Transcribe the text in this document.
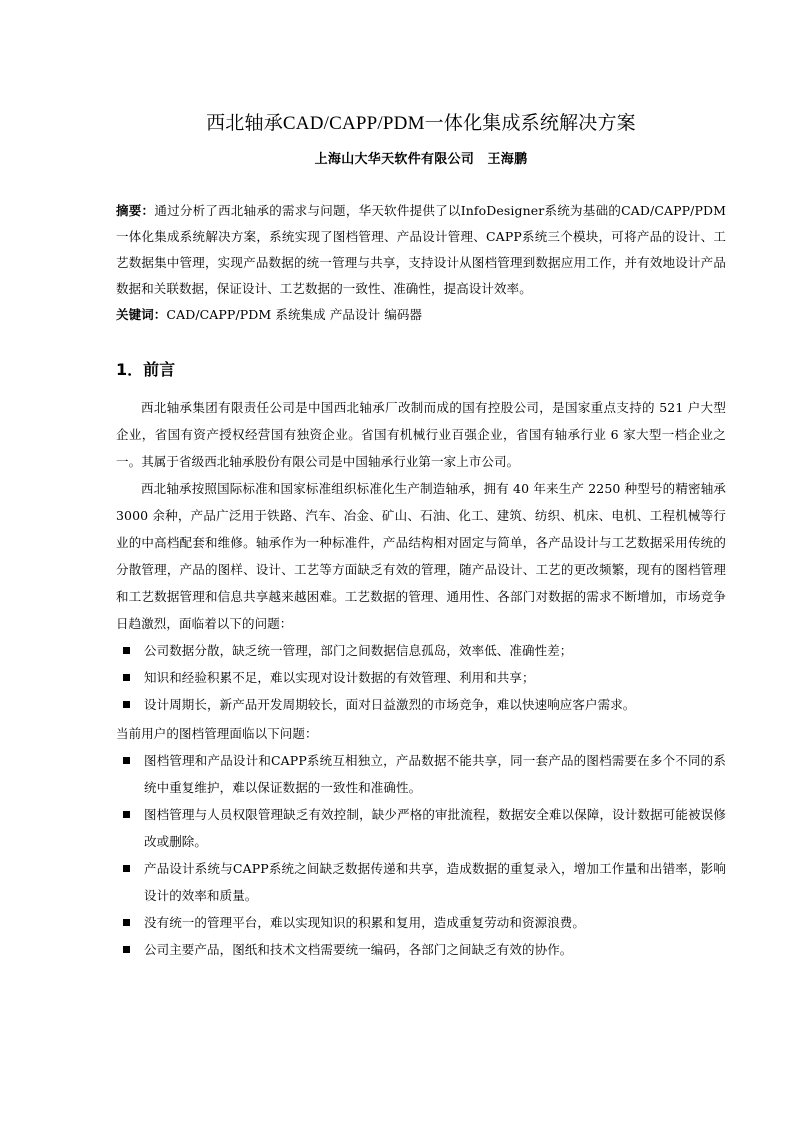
西北轴承CAD/CAPP/PDM一体化集成系统解决方案
上海山大华天软件有限公司　王海鹏

摘要：通过分析了西北轴承的需求与问题，华天软件提供了以InfoDesigner系统为基础的CAD/CAPP/PDM一体化集成系统解决方案，系统实现了图档管理、产品设计管理、CAPP系统三个模块，可将产品的设计、工艺数据集中管理，实现产品数据的统一管理与共享，支持设计从图档管理到数据应用工作，并有效地设计产品数据和关联数据，保证设计、工艺数据的一致性、准确性，提高设计效率。

关键词：CAD/CAPP/PDM 系统集成 产品设计 编码器

1．前言

西北轴承集团有限责任公司是中国西北轴承厂改制而成的国有控股公司，是国家重点支持的 521 户大型企业，省国有资产授权经营国有独资企业。省国有机械行业百强企业，省国有轴承行业 6 家大型一档企业之一。其属于省级西北轴承股份有限公司是中国轴承行业第一家上市公司。

西北轴承按照国际标准和国家标准组织标准化生产制造轴承，拥有 40 年来生产 2250 种型号的精密轴承 3000 余种，产品广泛用于铁路、汽车、冶金、矿山、石油、化工、建筑、纺织、机床、电机、工程机械等行业的中高档配套和维修。轴承作为一种标准件，产品结构相对固定与简单，各产品设计与工艺数据采用传统的分散管理，产品的图样、设计、工艺等方面缺乏有效的管理，随产品设计、工艺的更改频繁，现有的图档管理和工艺数据管理和信息共享越来越困难。工艺数据的管理、通用性、各部门对数据的需求不断增加，市场竞争日趋激烈，面临着以下的问题：

公司数据分散，缺乏统一管理，部门之间数据信息孤岛，效率低、准确性差；
知识和经验积累不足，难以实现对设计数据的有效管理、利用和共享；
设计周期长，新产品开发周期较长，面对日益激烈的市场竞争，难以快速响应客户需求。

当前用户的图档管理面临以下问题：

图档管理和产品设计和CAPP系统互相独立，产品数据不能共享，同一套产品的图档需要在多个不同的系统中重复维护，难以保证数据的一致性和准确性。
图档管理与人员权限管理缺乏有效控制，缺少严格的审批流程，数据安全难以保障，设计数据可能被误修改或删除。
产品设计系统与CAPP系统之间缺乏数据传递和共享，造成数据的重复录入，增加工作量和出错率，影响设计的效率和质量。
没有统一的管理平台，难以实现知识的积累和复用，造成重复劳动和资源浪费。
公司主要产品，图纸和技术文档需要统一编码，各部门之间缺乏有效的协作。
